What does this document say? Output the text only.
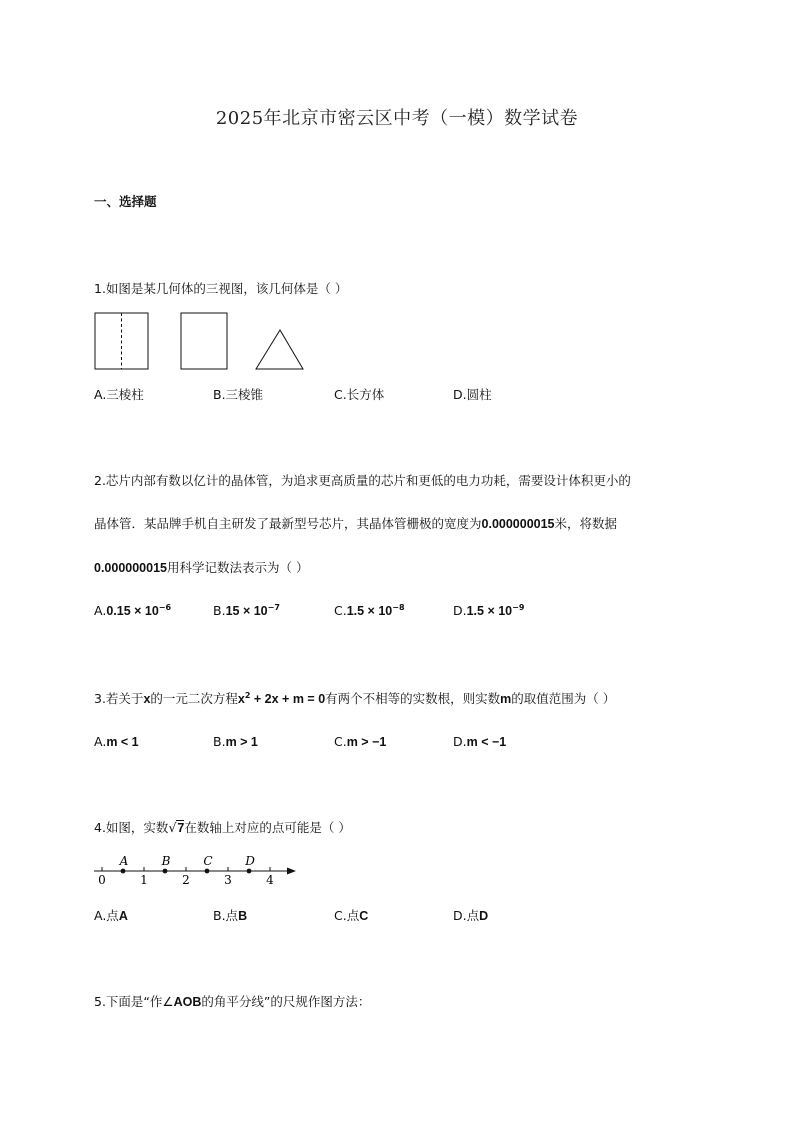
2025年北京市密云区中考（一模）数学试卷
一、选择题
1.如图是某几何体的三视图，该几何体是（ ）
A.三棱柱	B.三棱锥	C.长方体	D.圆柱
2.芯片内部有数以亿计的晶体管，为追求更高质量的芯片和更低的电力功耗，需要设计体积更小的
晶体管．某品牌手机自主研发了最新型号芯片，其晶体管栅极的宽度为0.000000015米，将数据
0.000000015用科学记数法表示为（ ）
$A.0.15 \times 10^{-6}$	$B.15 \times 10^{-7}$	$C.1.5 \times 10^{-8}$	$D.1.5 \times 10^{-9}$
3.若关于x的一元二次方程$x^2 + 2x + m = 0$有两个不相等的实数根，则实数m的取值范围为（ ）
A.m < 1	B.m > 1	C.m > −1	D.m < −1
4.如图，实数√7在数轴上对应的点可能是（ ）
0	1	2	3	4
A	B	C	D
A.点A	B.点B	C.点C	D.点D
5.下面是“作∠AOB的角平分线”的尺规作图方法：
